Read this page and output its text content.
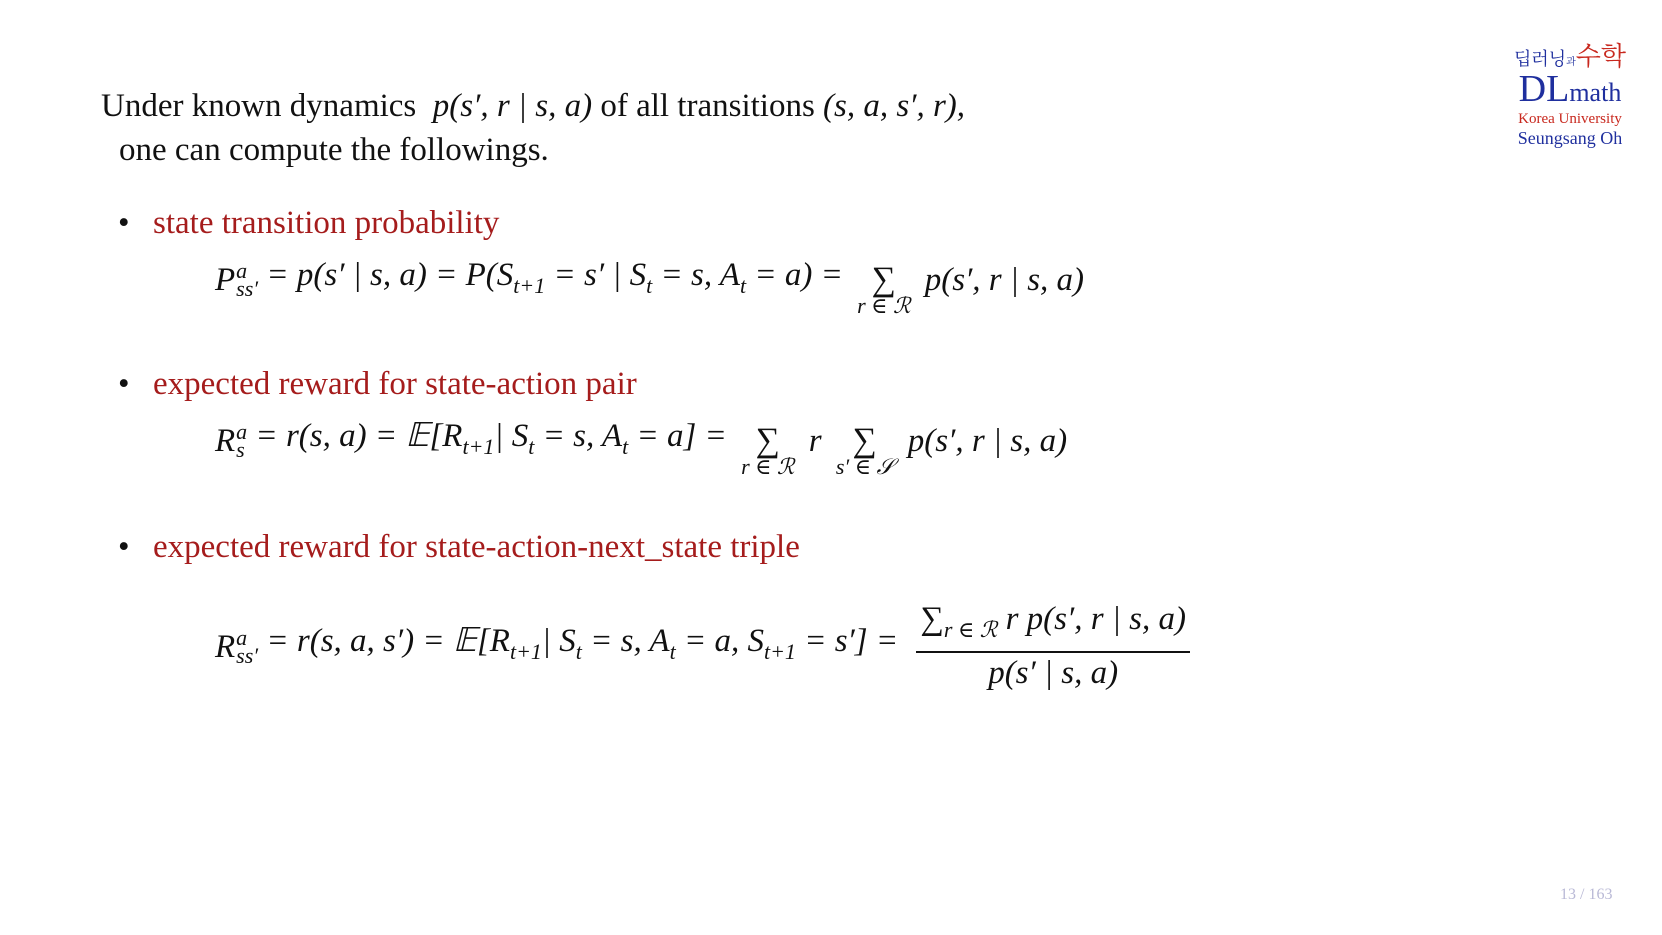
Under known dynamics p(s′, r | s, a) of all transitions (s, a, s′, r),
one can compute the followings.
• state transition probability
P a
ss′ = p(s′ | s, $a) = P(S_{t+1} = s'$ | $S_t = s$, $A_t = a$) = ∑
r ∈ ℛ
p(s′, r | s, a)
• expected reward for state-action pair
R a
s = r(s, $a) = 𝔼[R_{t+1}|$ $S_t = s$, $A_t = a$] = ∑
r ∈ ℛ
r ∑
s′ ∈ 𝒮
p(s′, r | s, a)
• expected reward for state-action-next_state triple
R a
ss′ = r(s, a, $s') = 𝔼[R_{t+1}|$ $S_t = s$, $A_t = a$, $S_{t+1} = s'] = \frac{\sum_{r \in ℛ} r p(s', r | s, a)}{p(s' | s, a)}$
딥러닝과수학
DLmath
Korea University
Seungsang Oh
13 / 163
